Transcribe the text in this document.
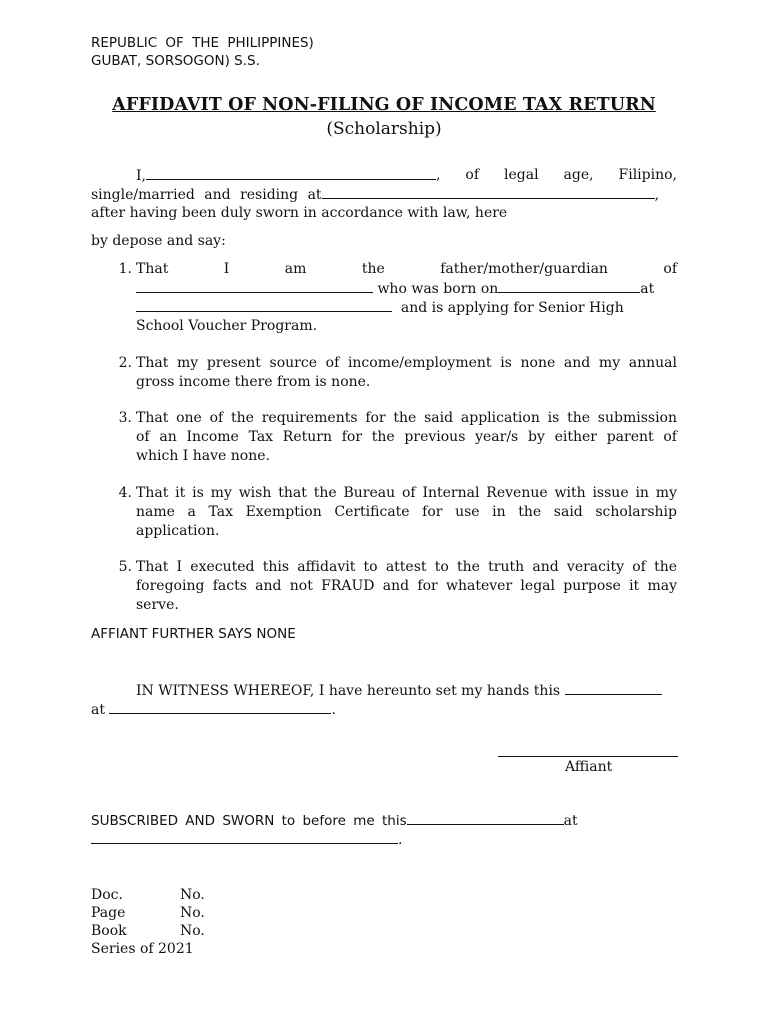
REPUBLIC OF THE PHILIPPINES)
GUBAT, SORSOGON) S.S.
AFFIDAVIT OF NON-FILING OF INCOME TAX RETURN
(Scholarship)
I,	, of legal age, Filipino,
single/married and residing at	,
after having been duly sworn in accordance with law, here
by depose and say:
1. That I am the father/mother/guardian of
who was born on	at
and is applying for Senior High
School Voucher Program.
2. That my present source of income/employment is none and my annual
gross income there from is none.
3. That one of the requirements for the said application is the submission
of an Income Tax Return for the previous year/s by either parent of
which I have none.
4. That it is my wish that the Bureau of Internal Revenue with issue in my
name a Tax Exemption Certificate for use in the said scholarship
application.
5. That I executed this affidavit to attest to the truth and veracity of the
foregoing facts and not FRAUD and for whatever legal purpose it may
serve.
AFFIANT FURTHER SAYS NONE
IN WITNESS WHEREOF, I have hereunto set my hands this
at	.
Affiant
SUBSCRIBED AND SWORN to before me this	at
.
Doc.	No.
Page	No.
Book	No.
Series of 2021
